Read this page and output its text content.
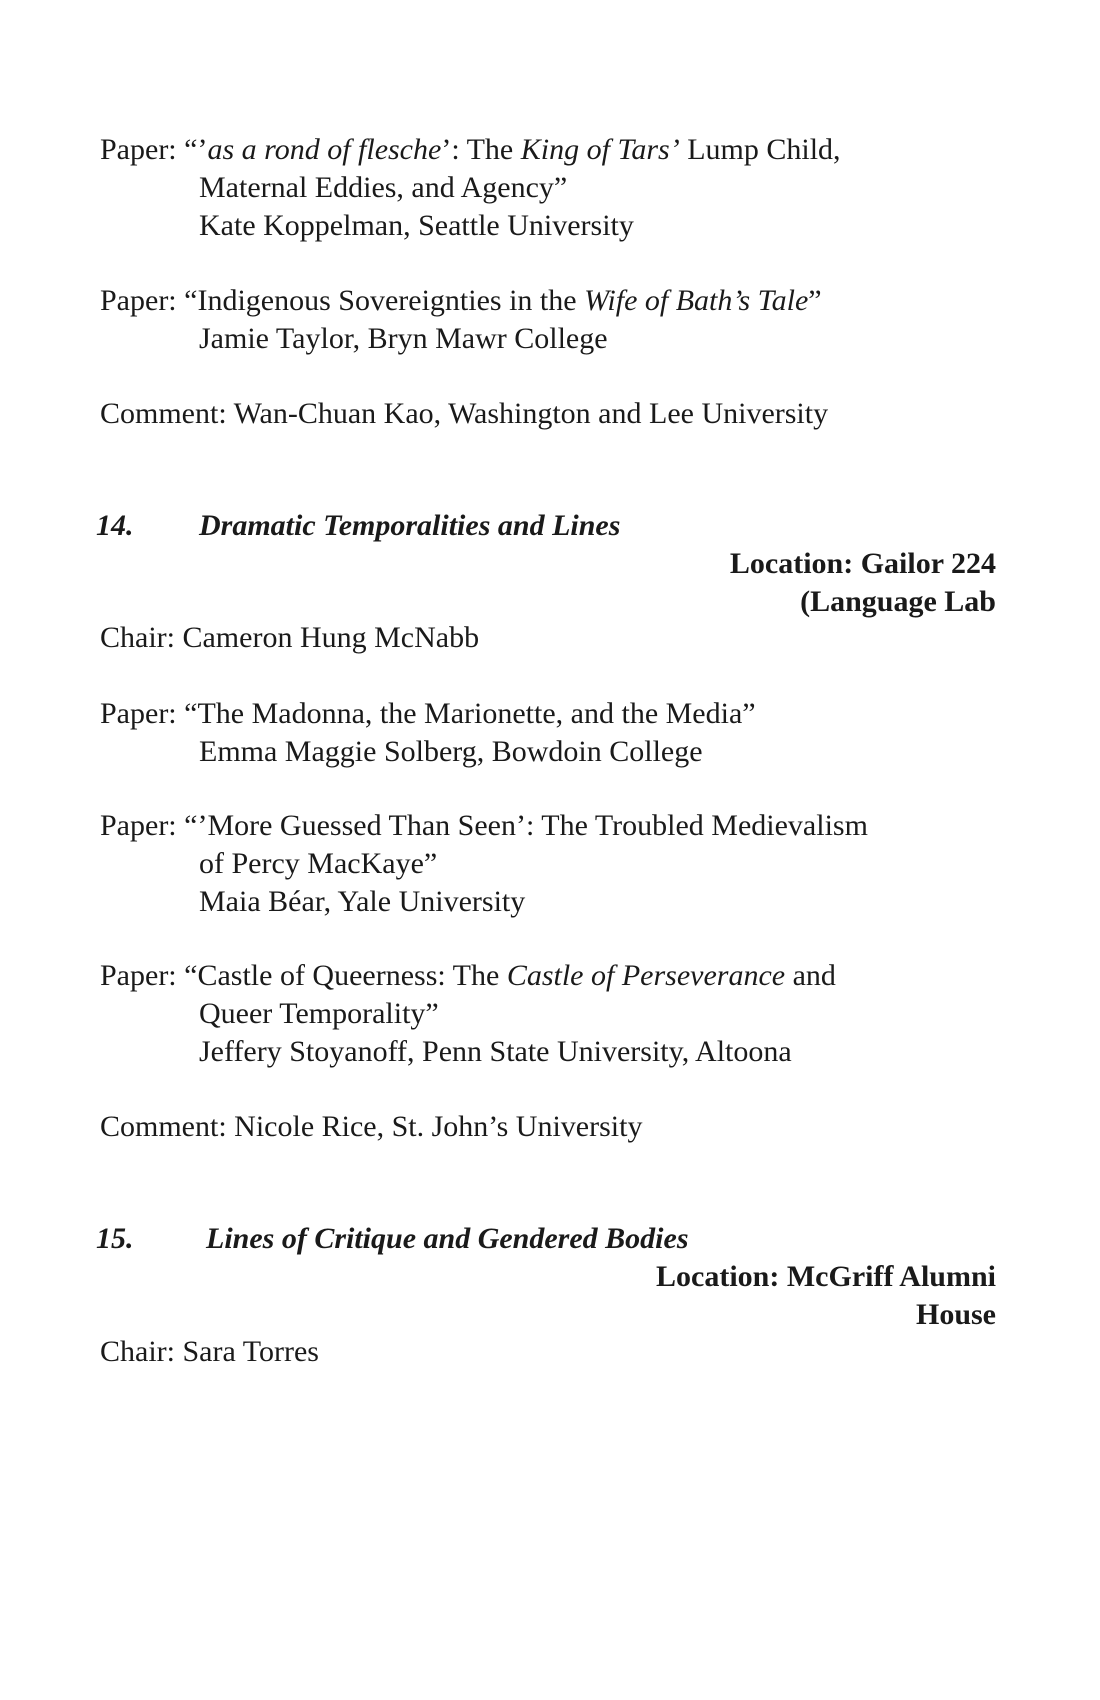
Paper: “’as a rond of flesche’: The King of Tars’ Lump Child,
Maternal Eddies, and Agency”
Kate Koppelman, Seattle University
Paper: “Indigenous Sovereignties in the Wife of Bath’s Tale”
Jamie Taylor, Bryn Mawr College
Comment: Wan-Chuan Kao, Washington and Lee University
14. Dramatic Temporalities and Lines
Location: Gailor 224
(Language Lab
Chair: Cameron Hung McNabb
Paper: “The Madonna, the Marionette, and the Media”
Emma Maggie Solberg, Bowdoin College
Paper: “’More Guessed Than Seen’: The Troubled Medievalism
of Percy MacKaye”
Maia Béar, Yale University
Paper: “Castle of Queerness: The Castle of Perseverance and
Queer Temporality”
Jeffery Stoyanoff, Penn State University, Altoona
Comment: Nicole Rice, St. John’s University
15. Lines of Critique and Gendered Bodies
Location: McGriff Alumni
House
Chair: Sara Torres
